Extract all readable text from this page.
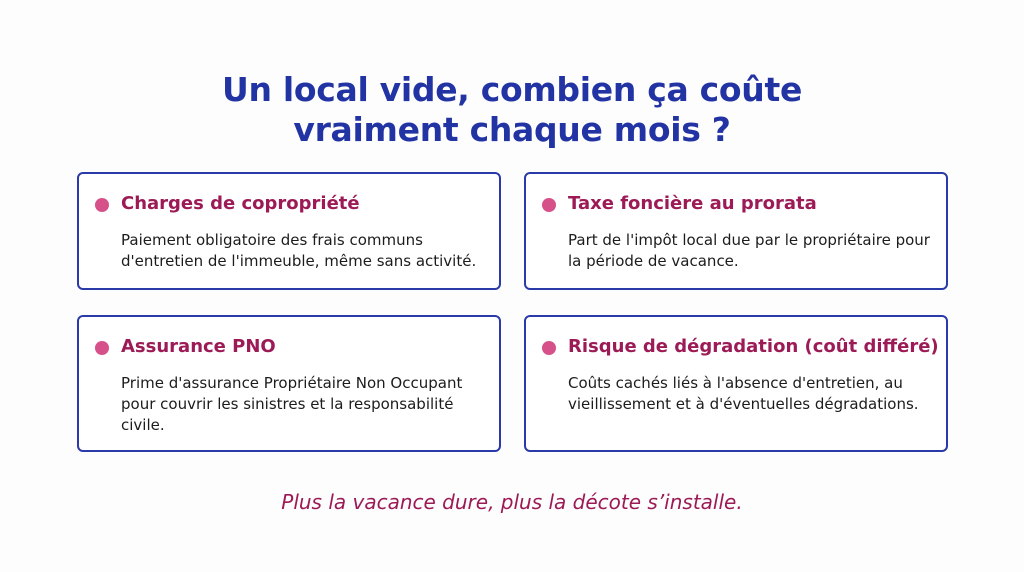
Un local vide, combien ça coûte
vraiment chaque mois ?
Charges de copropriété
Paiement obligatoire des frais communs d'entretien de l'immeuble, même sans activité.
Taxe foncière au prorata
Part de l'impôt local due par le propriétaire pour la période de vacance.
Assurance PNO
Prime d'assurance Propriétaire Non Occupant pour couvrir les sinistres et la responsabilité civile.
Risque de dégradation (coût différé)
Coûts cachés liés à l'absence d'entretien, au vieillissement et à d'éventuelles dégradations.
Plus la vacance dure, plus la décote s’installe.
